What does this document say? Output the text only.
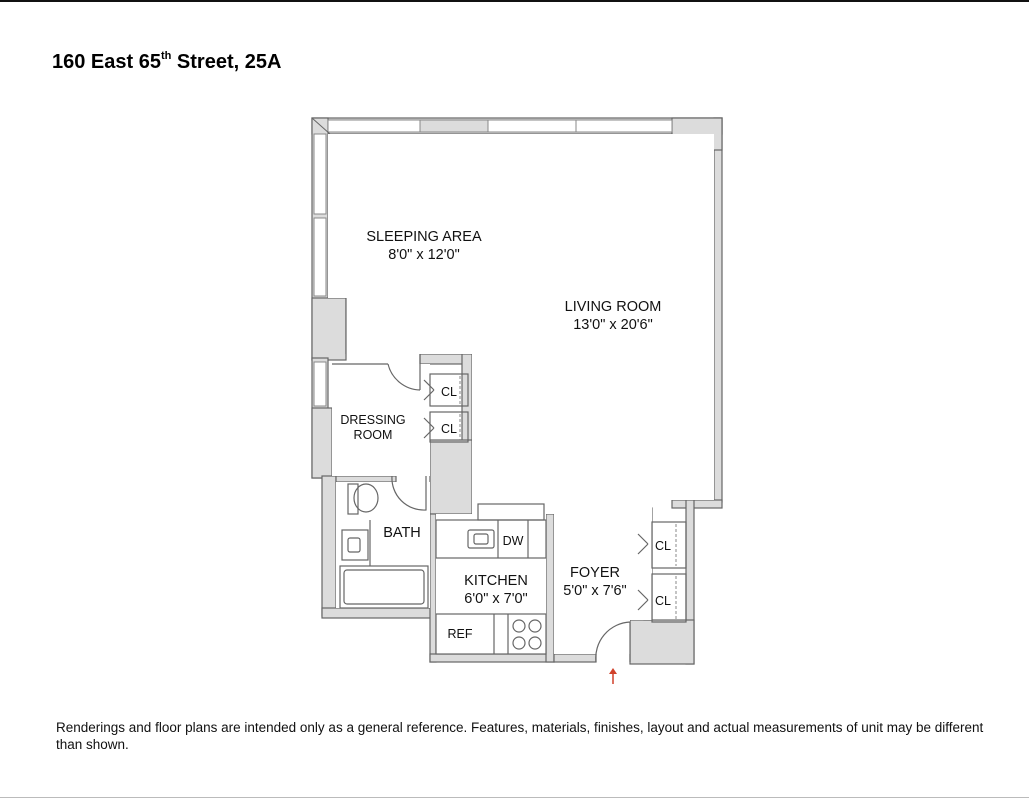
160 East 65th Street, 25A
SLEEPING AREA
8'0" x 12'0"
LIVING ROOM
13'0" x 20'6"
DRESSING
ROOM
BATH
KITCHEN
6'0" x 7'0"
FOYER
5'0" x 7'6"
CL
CL
CL
CL
DW
REF
Renderings and floor plans are intended only as a general reference. Features, materials, finishes, layout and actual measurements of unit may be different than shown.
